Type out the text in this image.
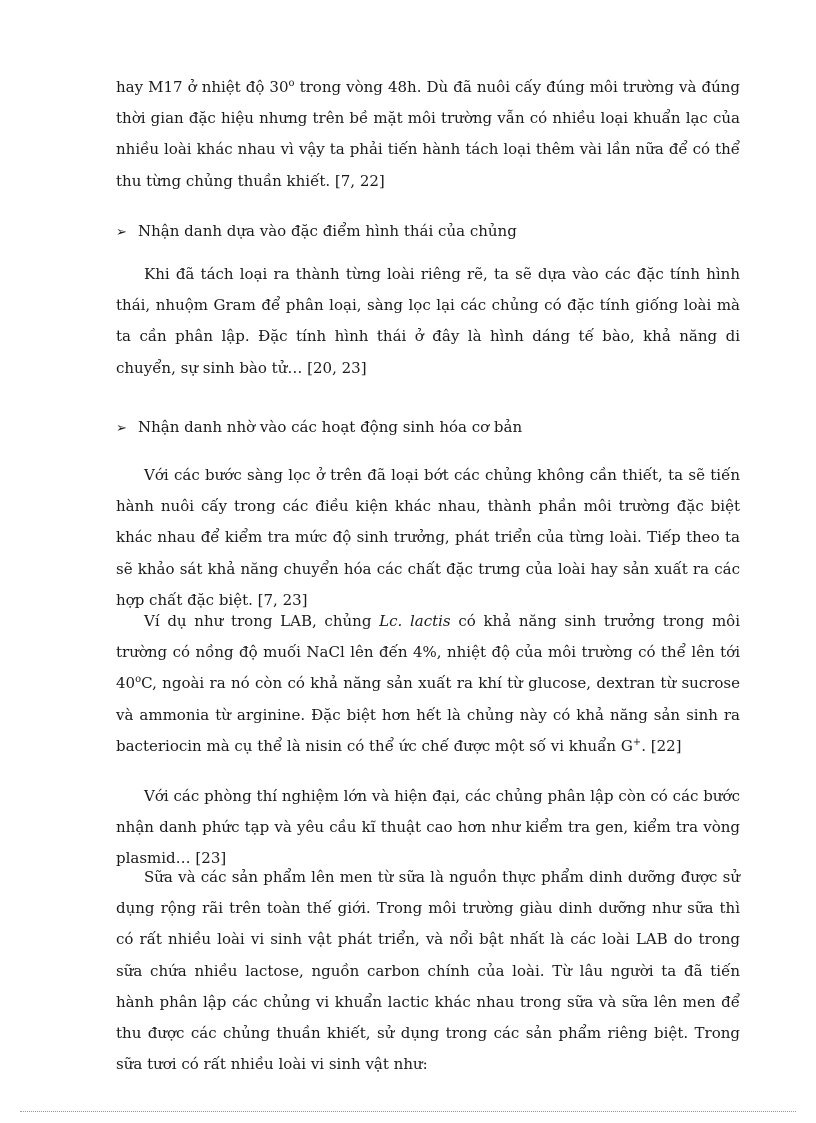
hay M17 ở nhiệt độ 30$^o$ trong vòng 48h. Dù đã nuôi cấy đúng môi trường và đúng thời gian đặc hiệu nhưng trên bề mặt môi trường vẫn có nhiều loại khuẩn lạc của nhiều loài khác nhau vì vậy ta phải tiến hành tách loại thêm vài lần nữa để có thể thu từng chủng thuần khiết. [7, 22]

➢ Nhận danh dựa vào đặc điểm hình thái của chủng

Khi đã tách loại ra thành từng loài riêng rẽ, ta sẽ dựa vào các đặc tính hình thái, nhuộm Gram để phân loại, sàng lọc lại các chủng có đặc tính giống loài mà ta cần phân lập. Đặc tính hình thái ở đây là hình dáng tế bào, khả năng di chuyển, sự sinh bào tử… [20, 23]

➢ Nhận danh nhờ vào các hoạt động sinh hóa cơ bản

Với các bước sàng lọc ở trên đã loại bớt các chủng không cần thiết, ta sẽ tiến hành nuôi cấy trong các điều kiện khác nhau, thành phần môi trường đặc biệt khác nhau để kiểm tra mức độ sinh trưởng, phát triển của từng loài. Tiếp theo ta sẽ khảo sát khả năng chuyển hóa các chất đặc trưng của loài hay sản xuất ra các hợp chất đặc biệt. [7, 23]

Ví dụ như trong LAB, chủng Lc. lactis có khả năng sinh trưởng trong môi trường có nồng độ muối NaCl lên đến 4%, nhiệt độ của môi trường có thể lên tới 40$^o$C, ngoài ra nó còn có khả năng sản xuất ra khí từ glucose, dextran từ sucrose và ammonia từ arginine. Đặc biệt hơn hết là chủng này có khả năng sản sinh ra bacteriocin mà cụ thể là nisin có thể ức chế được một số vi khuẩn G+. [22]

Với các phòng thí nghiệm lớn và hiện đại, các chủng phân lập còn có các bước nhận danh phức tạp và yêu cầu kĩ thuật cao hơn như kiểm tra gen, kiểm tra vòng plasmid… [23]

Sữa và các sản phẩm lên men từ sữa là nguồn thực phẩm dinh dưỡng được sử dụng rộng rãi trên toàn thế giới. Trong môi trường giàu dinh dưỡng như sữa thì có rất nhiều loài vi sinh vật phát triển, và nổi bật nhất là các loài LAB do trong sữa chứa nhiều lactose, nguồn carbon chính của loài. Từ lâu người ta đã tiến hành phân lập các chủng vi khuẩn lactic khác nhau trong sữa và sữa lên men để thu được các chủng thuần khiết, sử dụng trong các sản phẩm riêng biệt. Trong sữa tươi có rất nhiều loài vi sinh vật như:
